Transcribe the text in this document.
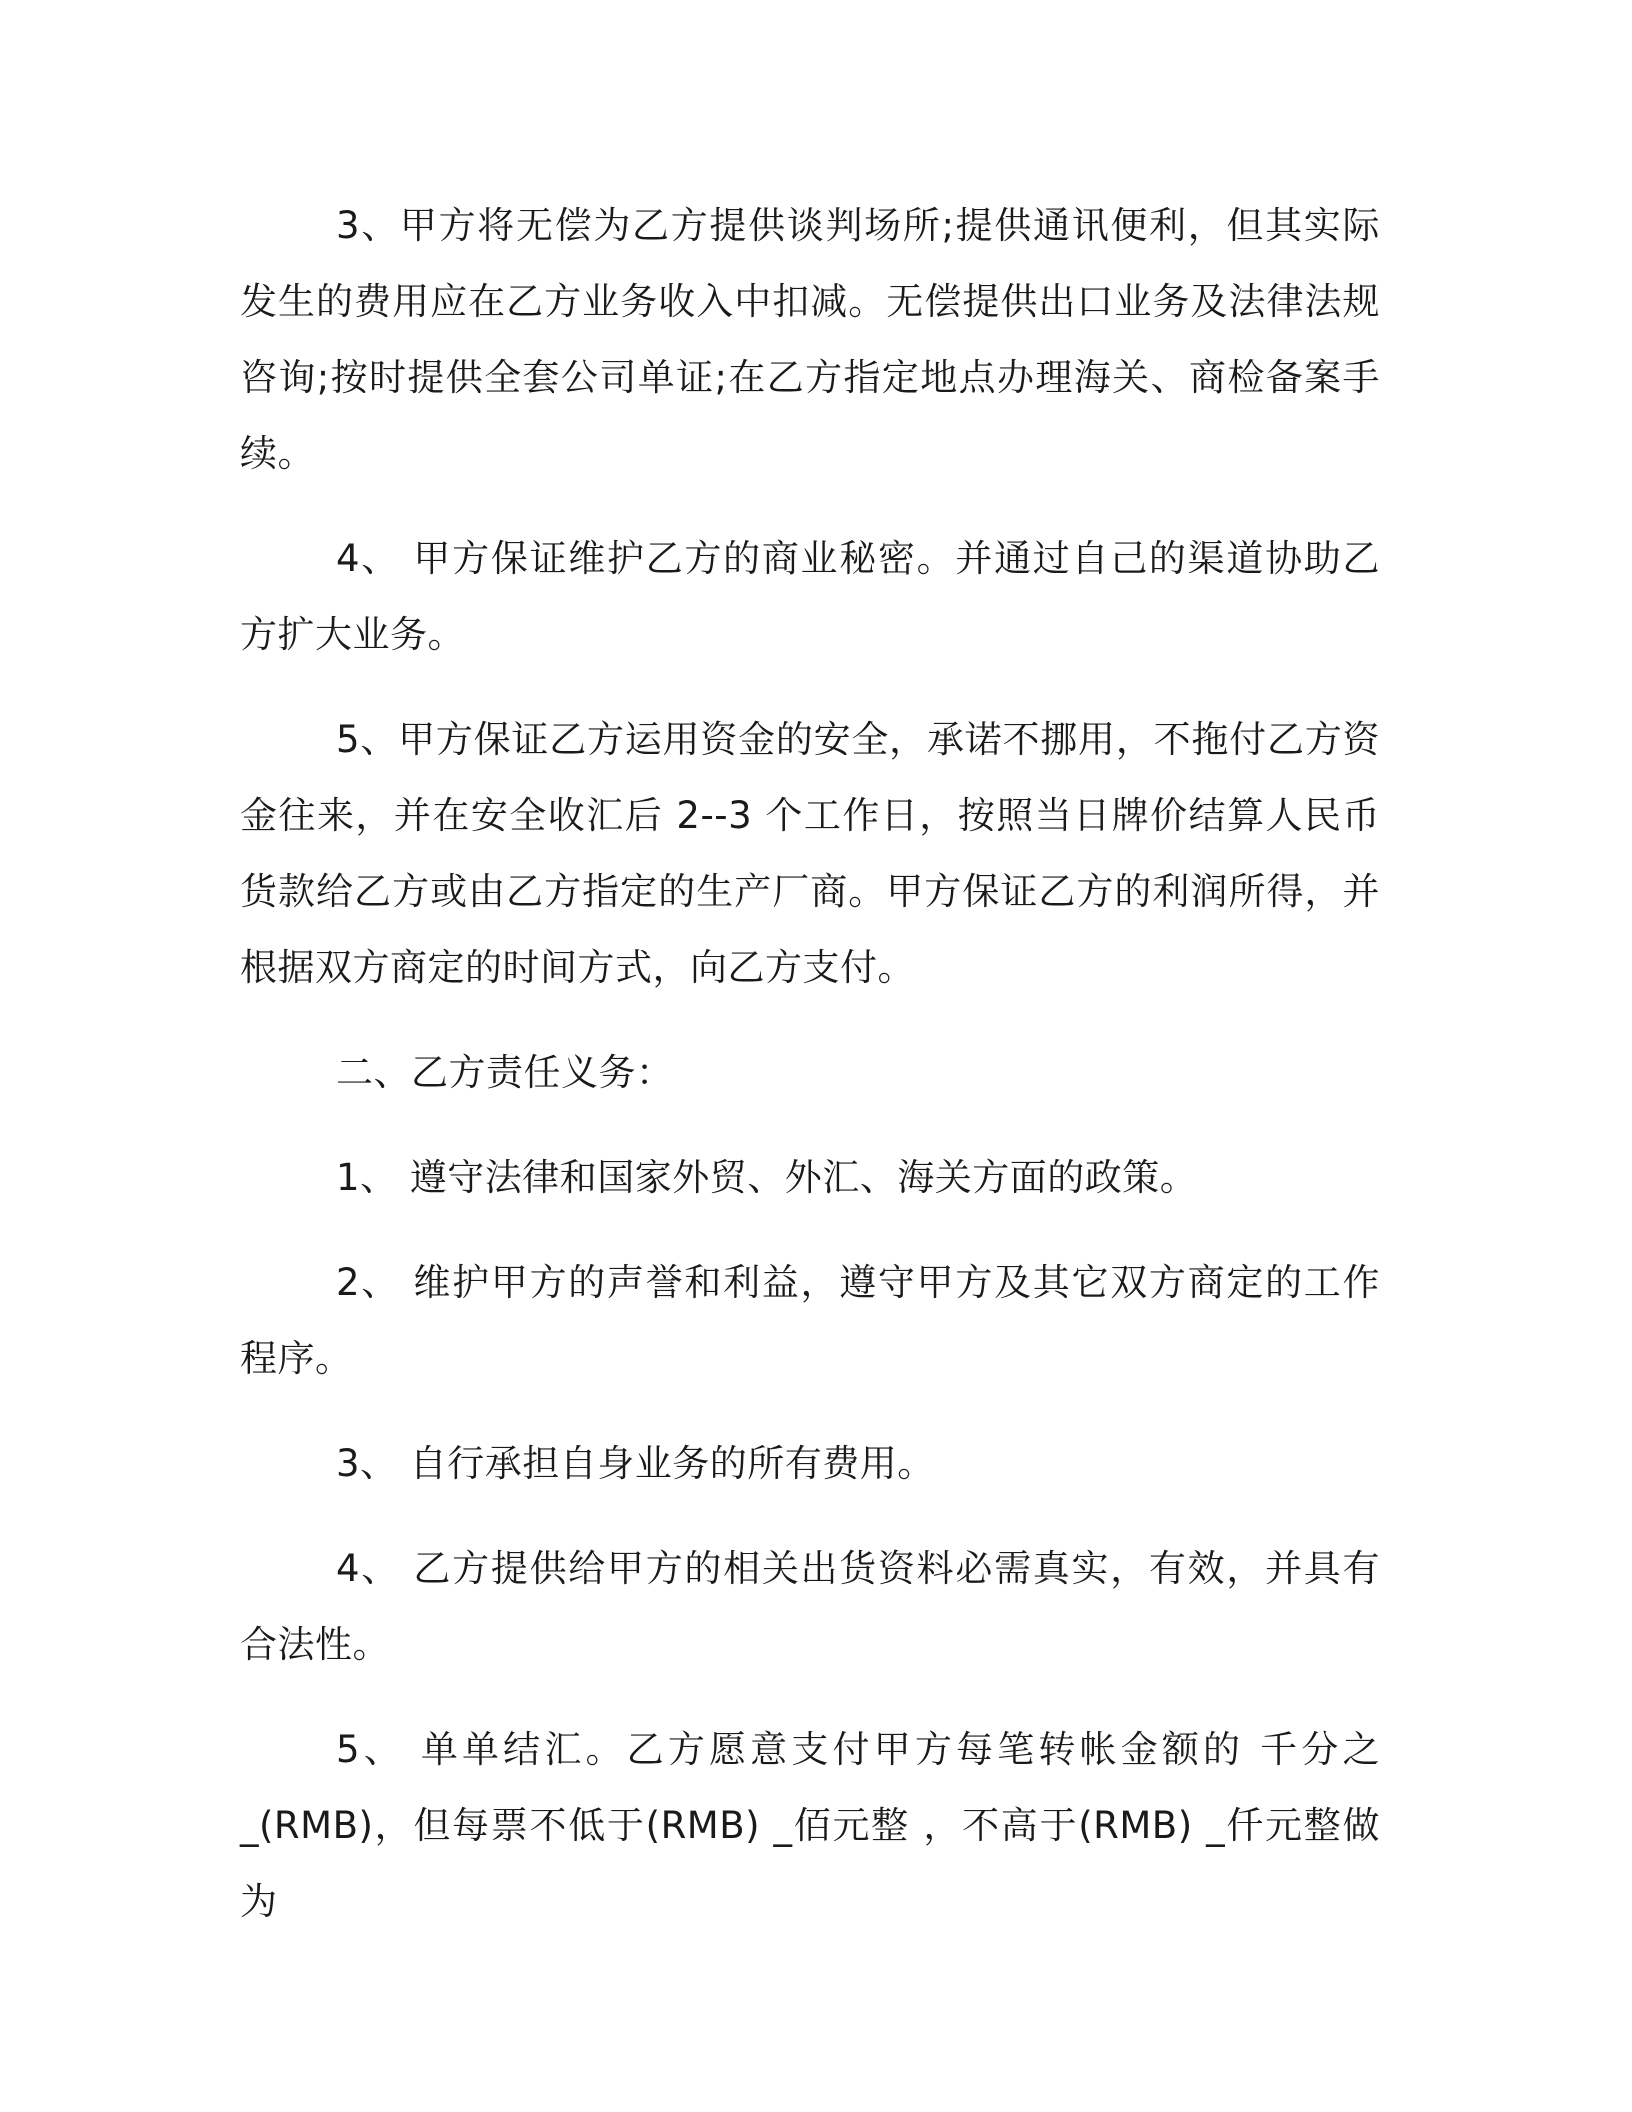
3、甲方将无偿为乙方提供谈判场所;提供通讯便利，但其实际发生的费用应在乙方业务收入中扣减。无偿提供出口业务及法律法规咨询;按时提供全套公司单证;在乙方指定地点办理海关、商检备案手续。

4、 甲方保证维护乙方的商业秘密。并通过自己的渠道协助乙方扩大业务。

5、甲方保证乙方运用资金的安全，承诺不挪用，不拖付乙方资金往来，并在安全收汇后 2--3 个工作日，按照当日牌价结算人民币货款给乙方或由乙方指定的生产厂商。甲方保证乙方的利润所得，并根据双方商定的时间方式，向乙方支付。

二、乙方责任义务：

1、 遵守法律和国家外贸、外汇、海关方面的政策。

2、 维护甲方的声誉和利益，遵守甲方及其它双方商定的工作程序。

3、 自行承担自身业务的所有费用。

4、 乙方提供给甲方的相关出货资料必需真实，有效，并具有合法性。

5、 单单结汇。乙方愿意支付甲方每笔转帐金额的 千分之 _(RMB)，但每票不低于(RMB) _佰元整 ，不高于(RMB) _仟元整做为
